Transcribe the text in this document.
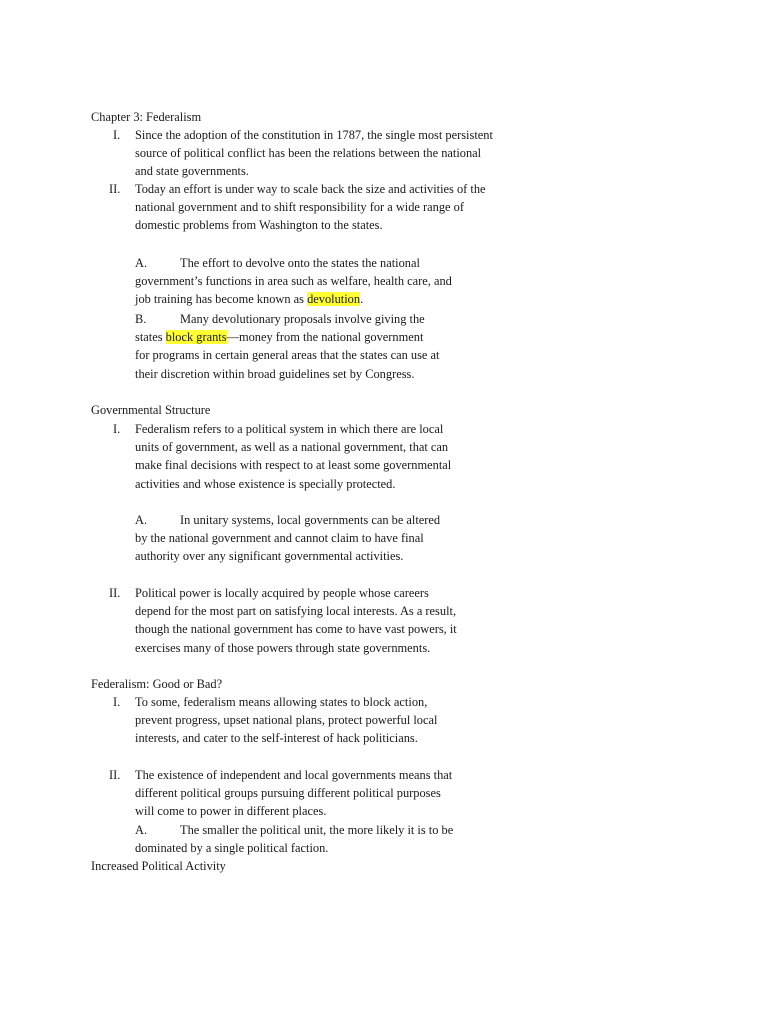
Chapter 3: Federalism
I. Since the adoption of the constitution in 1787, the single most persistent source of political conflict has been the relations between the national and state governments.
II. Today an effort is under way to scale back the size and activities of the national government and to shift responsibility for a wide range of domestic problems from Washington to the states.
A.	The effort to devolve onto the states the national government’s functions in area such as welfare, health care, and job training has become known as devolution.
B.	Many devolutionary proposals involve giving the states block grants—money from the national government for programs in certain general areas that the states can use at their discretion within broad guidelines set by Congress.
Governmental Structure
I. Federalism refers to a political system in which there are local units of government, as well as a national government, that can make final decisions with respect to at least some governmental activities and whose existence is specially protected.
A.	In unitary systems, local governments can be altered by the national government and cannot claim to have final authority over any significant governmental activities.
II. Political power is locally acquired by people whose careers depend for the most part on satisfying local interests. As a result, though the national government has come to have vast powers, it exercises many of those powers through state governments.
Federalism: Good or Bad?
I. To some, federalism means allowing states to block action, prevent progress, upset national plans, protect powerful local interests, and cater to the self-interest of hack politicians.
II. The existence of independent and local governments means that different political groups pursuing different political purposes will come to power in different places.
A.	The smaller the political unit, the more likely it is to be dominated by a single political faction.
Increased Political Activity
